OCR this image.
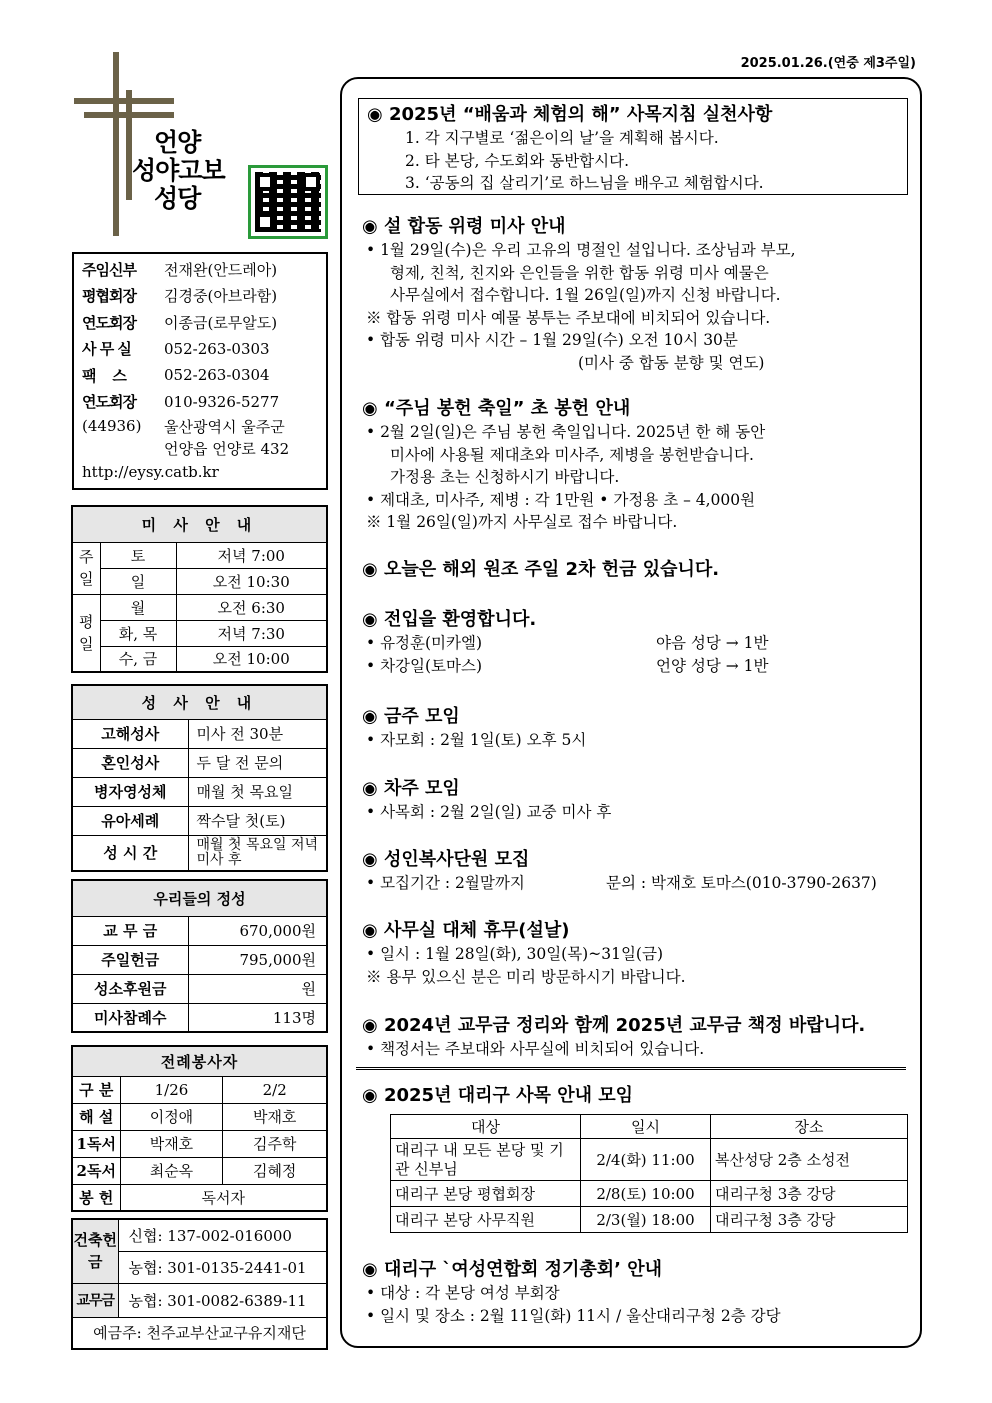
2025.01.26.(연중 제3주일)
언양
성야고보
성당
주임신부	전재완(안드레아)
평협회장	김경중(아브라함)
연도회장	이종금(로무알도)
사 무 실	052-263-0303
팩    스	052-263-0304
연도회장	010-9326-5277
(44936)	울산광역시 울주군
언양읍 언양로 432
http://eysy.catb.kr
미 사 안 내		
주일	토	저녁 7:00
	일	오전 10:30
평일	월	오전 6:30
	화, 목	저녁 7:30
	수, 금	오전 10:00
성 사 안 내	
고해성사	미사 전 30분
혼인성사	두 달 전 문의
병자영성체	매월 첫 목요일
유아세례	짝수달 첫(토)
성 시 간	매월 첫 목요일 저녁미사 후
우리들의 정성	
교 무 금	670,000원
주일헌금	795,000원
성소후원금	원
미사참례수	113명
전례봉사자		
구 분	1/26	2/2
해 설	이정애	박재호
1독서	박재호	김주학
2독서	최순옥	김혜정
봉 헌	독서자	
건축헌금	신협: 137-002-016000
	농협: 301-0135-2441-01
교무금	농협: 301-0082-6389-11
예금주: 천주교부산교구유지재단	
◉ 2025년 “배움과 체험의 해” 사목지침 실천사항
1. 각 지구별로 ‘젊은이의 날’을 계획해 봅시다.
2. 타 본당, 수도회와 동반합시다.
3. ‘공동의 집 살리기’로 하느님을 배우고 체험합시다.
◉ 설 합동 위령 미사 안내
• 1월 29일(수)은 우리 고유의 명절인 설입니다. 조상님과 부모,
형제, 친척, 친지와 은인들을 위한 합동 위령 미사 예물은
사무실에서 접수합니다. 1월 26일(일)까지 신청 바랍니다.
※ 합동 위령 미사 예물 봉투는 주보대에 비치되어 있습니다.
• 합동 위령 미사 시간 – 1월 29일(수) 오전 10시 30분
(미사 중 합동 분향 및 연도)
◉ “주님 봉헌 축일” 초 봉헌 안내
• 2월 2일(일)은 주님 봉헌 축일입니다. 2025년 한 해 동안
미사에 사용될 제대초와 미사주, 제병을 봉헌받습니다.
가정용 초는 신청하시기 바랍니다.
• 제대초, 미사주, 제병 : 각 1만원 • 가정용 초 – 4,000원
※ 1월 26일(일)까지 사무실로 접수 바랍니다.
◉ 오늘은 해외 원조 주일 2차 헌금 있습니다.
◉ 전입을 환영합니다.
• 유정훈(미카엘)	야음 성당 → 1반
• 차강일(토마스)	언양 성당 → 1반
◉ 금주 모임
• 자모회 : 2월 1일(토) 오후 5시
◉ 차주 모임
• 사목회 : 2월 2일(일) 교중 미사 후
◉ 성인복사단원 모집
• 모집기간 : 2월말까지	문의 : 박재호 토마스(010-3790-2637)
◉ 사무실 대체 휴무(설날)
• 일시 : 1월 28일(화), 30일(목)~31일(금)
※ 용무 있으신 분은 미리 방문하시기 바랍니다.
◉ 2024년 교무금 정리와 함께 2025년 교무금 책정 바랍니다.
• 책정서는 주보대와 사무실에 비치되어 있습니다.
◉ 2025년 대리구 사목 안내 모임
대상	일시	장소
대리구 내 모든 본당 및 기관 신부님	2/4(화) 11:00	복산성당 2층 소성전
대리구 본당 평협회장	2/8(토) 10:00	대리구청 3층 강당
대리구 본당 사무직원	2/3(월) 18:00	대리구청 3층 강당
◉ 대리구 `여성연합회 정기총회’ 안내
• 대상 : 각 본당 여성 부회장
• 일시 및 장소 : 2월 11일(화) 11시 / 울산대리구청 2층 강당
